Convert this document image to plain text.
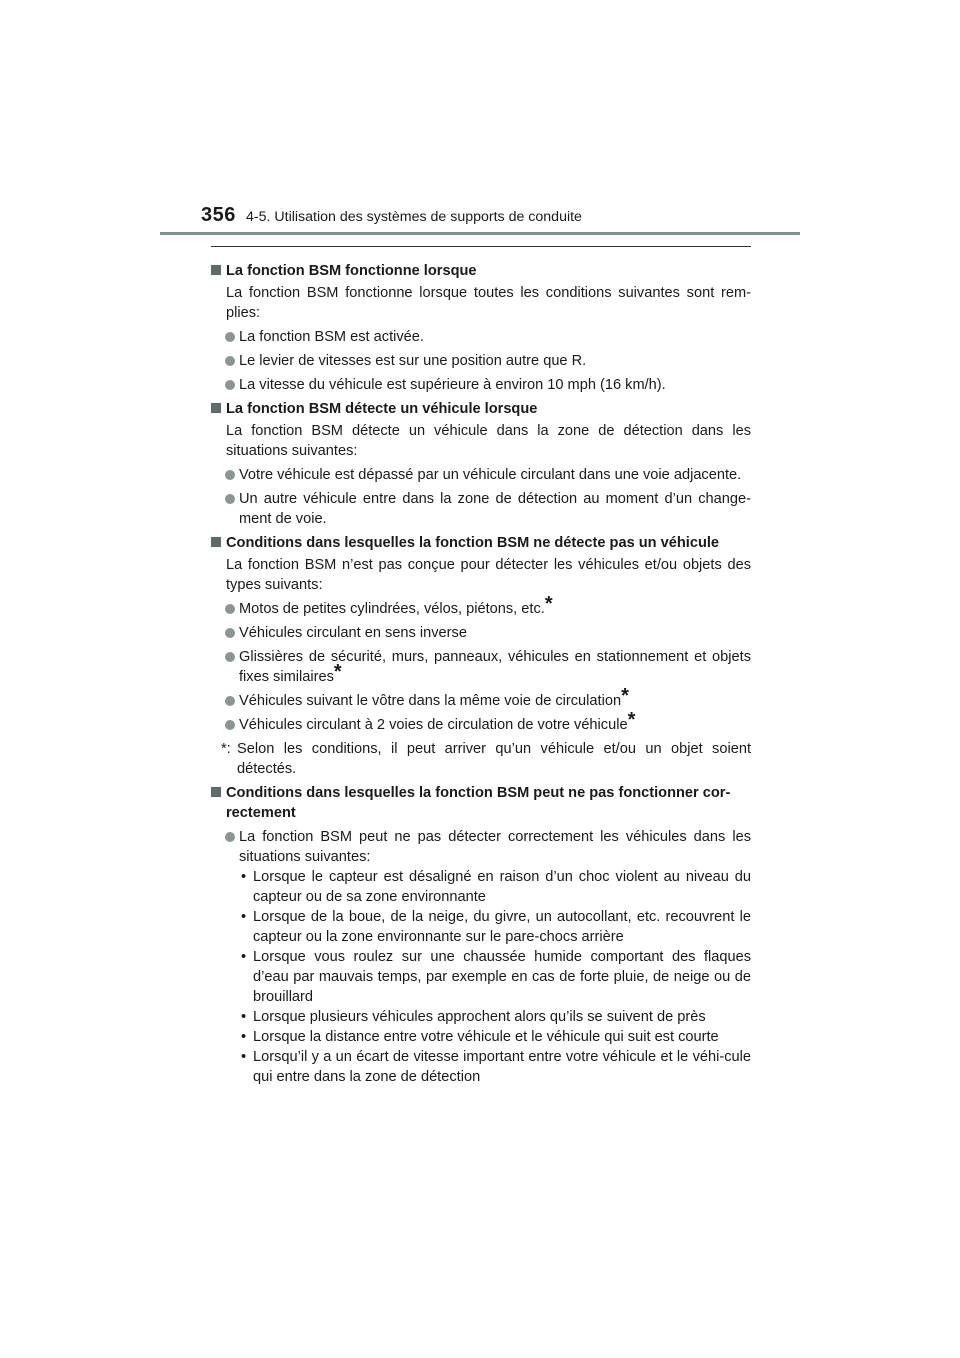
356 4-5. Utilisation des systèmes de supports de conduite
La fonction BSM fonctionne lorsque
La fonction BSM fonctionne lorsque toutes les conditions suivantes sont rem-plies:
La fonction BSM est activée.
Le levier de vitesses est sur une position autre que R.
La vitesse du véhicule est supérieure à environ 10 mph (16 km/h).
La fonction BSM détecte un véhicule lorsque
La fonction BSM détecte un véhicule dans la zone de détection dans les situations suivantes:
Votre véhicule est dépassé par un véhicule circulant dans une voie adjacente.
Un autre véhicule entre dans la zone de détection au moment d’un change-ment de voie.
Conditions dans lesquelles la fonction BSM ne détecte pas un véhicule
La fonction BSM n’est pas conçue pour détecter les véhicules et/ou objets des types suivants:
Motos de petites cylindrées, vélos, piétons, etc.*
Véhicules circulant en sens inverse
Glissières de sécurité, murs, panneaux, véhicules en stationnement et objets fixes similaires*
Véhicules suivant le vôtre dans la même voie de circulation*
Véhicules circulant à 2 voies de circulation de votre véhicule*
*: Selon les conditions, il peut arriver qu’un véhicule et/ou un objet soient détectés.
Conditions dans lesquelles la fonction BSM peut ne pas fonctionner cor-rectement
La fonction BSM peut ne pas détecter correctement les véhicules dans les situations suivantes:
• Lorsque le capteur est désaligné en raison d’un choc violent au niveau du capteur ou de sa zone environnante
• Lorsque de la boue, de la neige, du givre, un autocollant, etc. recouvrent le capteur ou la zone environnante sur le pare-chocs arrière
• Lorsque vous roulez sur une chaussée humide comportant des flaques d’eau par mauvais temps, par exemple en cas de forte pluie, de neige ou de brouillard
• Lorsque plusieurs véhicules approchent alors qu’ils se suivent de près
• Lorsque la distance entre votre véhicule et le véhicule qui suit est courte
• Lorsqu’il y a un écart de vitesse important entre votre véhicule et le véhi-cule qui entre dans la zone de détection
